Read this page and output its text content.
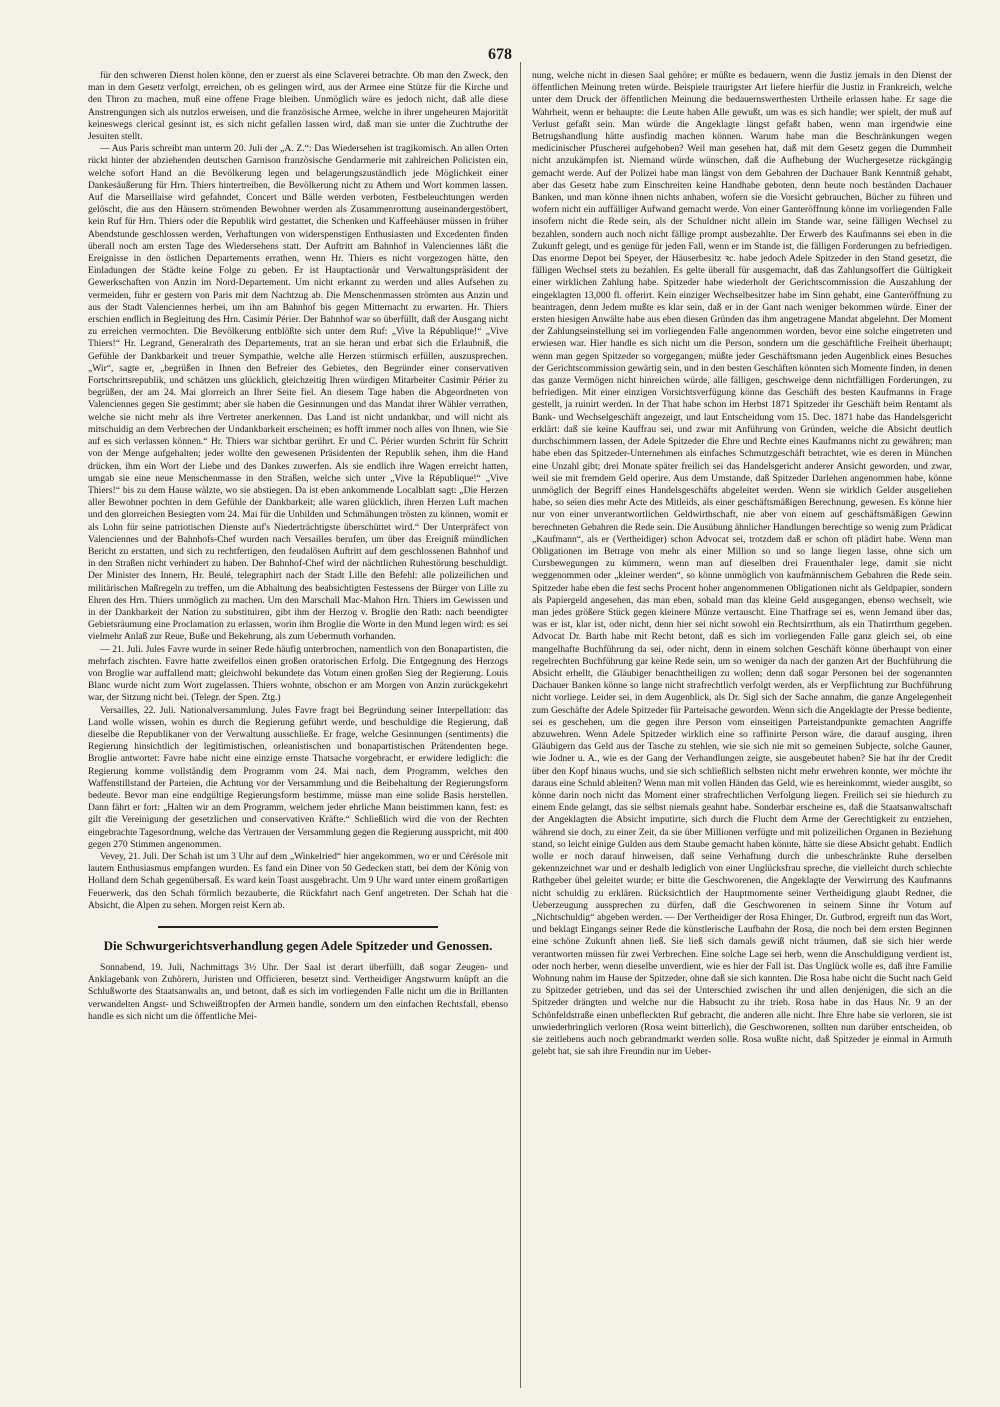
678

für den schweren Dienst holen könne, den er zuerst als eine Sclaverei betrachte. Ob man den Zweck, den man in dem Gesetz verfolgt, erreichen, ob es gelingen wird, aus der Armee eine Stütze für die Kirche und den Thron zu machen, muß eine offene Frage bleiben. Unmöglich wäre es jedoch nicht, daß alle diese Anstrengungen sich als nutzlos erweisen, und die französische Armee, welche in ihrer ungeheuren Majorität keineswegs clerical gesinnt ist, es sich nicht gefallen lassen wird, daß man sie unter die Zuchtruthe der Jesuiten stellt.

— Aus Paris schreibt man unterm 20. Juli der „A. Z.“: Das Wiedersehen ist tragikomisch. An allen Orten rückt hinter der abziehenden deutschen Garnison französische Gendarmerie mit zahlreichen Policisten ein, welche sofort Hand an die Bevölkerung legen und belagerungszuständlich jede Möglichkeit einer Dankesäußerung für Hrn. Thiers hintertreiben, die Bevölkerung nicht zu Athem und Wort kommen lassen. Auf die Marseillaise wird gefahndet, Concert und Bälle werden verboten, Festbeleuchtungen werden gelöscht, die aus den Häusern strömenden Bewohner werden als Zusammenrottung auseinandergestöbert, kein Ruf für Hrn. Thiers oder die Republik wird gestattet, die Schenken und Kaffeehäuser müssen in früher Abendstunde geschlossen werden, Verhaftungen von widerspenstigen Enthusiasten und Excedenten finden überall noch am ersten Tage des Wiedersehens statt. Der Auftritt am Bahnhof in Valenciennes läßt die Ereignisse in den östlichen Departements errathen, wenn Hr. Thiers es nicht vorgezogen hätte, den Einladungen der Städte keine Folge zu geben. Er ist Hauptactionär und Verwaltungspräsident der Gewerkschaften von Anzin im Nord-Departement. Um nicht erkannt zu werden und alles Aufsehen zu vermeiden, fuhr er gestern von Paris mit dem Nachtzug ab. Die Menschenmassen strömten aus Anzin und aus der Stadt Valenciennes herbei, um ihn am Bahnhof bis gegen Mitternacht zu erwarten. Hr. Thiers erschien endlich in Begleitung des Hrn. Casimir Périer. Der Bahnhof war so überfüllt, daß der Ausgang nicht zu erreichen vermochten. Die Bevölkerung entblößte sich unter dem Ruf: „Vive la République!“ „Vive Thiers!“ Hr. Legrand, Generalrath des Departements, trat an sie heran und erbat sich die Erlaubniß, die Gefühle der Dankbarkeit und treuer Sympathie, welche alle Herzen stürmisch erfüllen, auszusprechen. „Wir“, sagte er, „begrüßen in Ihnen den Befreier des Gebietes, den Begründer einer conservativen Fortschrittsrepublik, und schätzen uns glücklich, gleichzeitig Ihren würdigen Mitarbeiter Casimir Périer zu begrüßen, der am 24. Mai glorreich an Ihrer Seite fiel. An diesem Tage haben die Abgeordneten von Valenciennes gegen Sie gestimmt; aber sie haben die Gesinnungen und das Mandat ihrer Wähler verrathen, welche sie nicht mehr als ihre Vertreter anerkennen. Das Land ist nicht undankbar, und will nicht als mitschuldig an dem Verbrechen der Undankbarkeit erscheinen; es hofft immer noch alles von Ihnen, wie Sie auf es sich verlassen können.“ Hr. Thiers war sichtbar gerührt. Er und C. Périer wurden Schritt für Schritt von der Menge aufgehalten; jeder wollte den gewesenen Präsidenten der Republik sehen, ihm die Hand drücken, ihm ein Wort der Liebe und des Dankes zuwerfen. Als sie endlich ihre Wagen erreicht hatten, umgab sie eine neue Menschenmasse in den Straßen, welche sich unter „Vive la République!“ „Vive Thiers!“ bis zu dem Hause wälzte, wo sie abstiegen. Da ist eben ankommende Localblatt sagt: „Die Herzen aller Bewohner pochten in dem Gefühle der Dankbarkeit; alle waren glücklich, ihren Herzen Luft machen und den glorreichen Besiegten vom 24. Mai für die Unbilden und Schmähungen trösten zu können, womit er als Lohn für seine patriotischen Dienste auf's Niederträchtigste überschüttet wird.“ Der Unterpräfect von Valenciennes und der Bahnhofs-Chef wurden nach Versailles berufen, um über das Ereigniß mündlichen Bericht zu erstatten, und sich zu rechtfertigen, den feudalösen Auftritt auf dem geschlossenen Bahnhof und in den Straßen nicht verhindert zu haben. Der Bahnhof-Chef wird der nächtlichen Ruhestörung beschuldigt. Der Minister des Innern, Hr. Beulé, telegraphirt nach der Stadt Lille den Befehl: alle polizeilichen und militärischen Maßregeln zu treffen, um die Abhaltung des beabsichtigten Festessens der Bürger von Lille zu Ehren des Hrn. Thiers unmöglich zu machen. Um den Marschall Mac-Mahon Hrn. Thiers im Gewissen und in der Dankbarkeit der Nation zu substituiren, gibt ihm der Herzog v. Broglie den Rath: nach beendigter Gebietsräumung eine Proclamation zu erlassen, worin ihm Broglie die Worte in den Mund legen wird: es sei vielmehr Anlaß zur Reue, Buße und Bekehrung, als zum Uebermuth vorhanden.

— 21. Juli. Jules Favre wurde in seiner Rede häufig unterbrochen, namentlich von den Bonapartisten, die mehrfach zischten. Favre hatte zweifellos einen großen oratorischen Erfolg. Die Entgegnung des Herzogs von Broglie war auffallend matt; gleichwohl bekundete das Votum einen großen Sieg der Regierung. Louis Blanc wurde nicht zum Wort zugelassen. Thiers wohnte, obschon er am Morgen von Anzin zurückgekehrt war, der Sitzung nicht bei. (Telegr. der Spen. Ztg.)

Versailles, 22. Juli. Nationalversammlung. Jules Favre fragt bei Begründung seiner Interpellation: das Land wolle wissen, wohin es durch die Regierung geführt werde, und beschuldige die Regierung, daß dieselbe die Republikaner von der Verwaltung ausschließe. Er frage, welche Gesinnungen (sentiments) die Regierung hinsichtlich der legitimistischen, orleanistischen und bonapartistischen Prätendenten hege. Broglie antwortet: Favre habe nicht eine einzige ernste Thatsache vorgebracht, er erwidere lediglich: die Regierung komme vollständig dem Programm vom 24. Mai nach, dem Programm, welches den Waffenstillstand der Parteien, die Achtung vor der Versammlung und die Beibehaltung der Regierungsform bedeute. Bevor man eine endgültige Regierungsform bestimme, müsse man eine solide Basis herstellen. Dann fährt er fort: „Halten wir an dem Programm, welchem jeder ehrliche Mann beistimmen kann, fest: es gilt die Vereinigung der gesetzlichen und conservativen Kräfte.“ Schließlich wird die von der Rechten eingebrachte Tagesordnung, welche das Vertrauen der Versammlung gegen die Regierung ausspricht, mit 400 gegen 270 Stimmen angenommen.

Vevey, 21. Juli. Der Schah ist um 3 Uhr auf dem „Winkelried“ hier angekommen, wo er und Cérésole mit lautem Enthusiasmus empfangen wurden. Es fand ein Diner von 50 Gedecken statt, bei dem der König von Holland dem Schah gegenübersaß. Es ward kein Toast ausgebracht. Um 9 Uhr ward unter einem großartigen Feuerwerk, das den Schah förmlich bezauberte, die Rückfahrt nach Genf angetreten. Der Schah hat die Absicht, die Alpen zu sehen. Morgen reist Kern ab.

Die Schwurgerichtsverhandlung gegen Adele Spitzeder und Genossen.

Sonnabend, 19. Juli, Nachmittags 3½ Uhr. Der Saal ist derart überfüllt, daß sogar Zeugen- und Anklagebank von Zuhörern, Juristen und Officieren, besetzt sind. Vertheidiger Angstwurm knüpft an die Schlußworte des Staatsanwalts an, und betont, daß es sich im vorliegenden Falle nicht um die in Brillanten verwandelten Angst- und Schweißtropfen der Armen handle, sondern um den einfachen Rechtsfall, ebenso handle es sich nicht um die öffentliche Mei-

nung, welche nicht in diesen Saal gehöre; er müßte es bedauern, wenn die Justiz jemals in den Dienst der öffentlichen Meinung treten würde. Beispiele traurigster Art liefere hierfür die Justiz in Frankreich, welche unter dem Druck der öffentlichen Meinung die bedauernswerthesten Urtheile erlassen habe. Er sage die Wahrheit, wenn er behaupte: die Leute haben Alle gewußt, um was es sich handle; wer spielt, der muß auf Verlust gefaßt sein. Man würde die Angeklagte längst gefaßt haben, wenn man irgendwie eine Betrugshandlung hätte ausfindig machen können. Warum habe man die Beschränkungen wegen medicinischer Pfuscherei aufgehoben? Weil man gesehen hat, daß mit dem Gesetz gegen die Dummheit nicht anzukämpfen ist. Niemand würde wünschen, daß die Aufhebung der Wuchergesetze rückgängig gemacht werde. Auf der Polizei habe man längst von dem Gebahren der Dachauer Bank Kenntniß gehabt, aber das Gesetz habe zum Einschreiten keine Handhabe geboten, denn heute noch beständen Dachauer Banken, und man könne ihnen nichts anhaben, wofern sie die Vorsicht gebrauchen, Bücher zu führen und wofern nicht ein auffälliger Aufwand gemacht werde. Von einer Ganteröffnung könne im vorliegenden Falle insofern nicht die Rede sein, als der Schuldner nicht allein im Stande war, seine fälligen Wechsel zu bezahlen, sondern auch noch nicht fällige prompt ausbezahlte. Der Erwerb des Kaufmanns sei eben in die Zukunft gelegt, und es genüge für jeden Fall, wenn er im Stande ist, die fälligen Forderungen zu befriedigen. Das enorme Depot bei Speyer, der Häuserbesitz ꝛc. habe jedoch Adele Spitzeder in den Stand gesetzt, die fälligen Wechsel stets zu bezahlen. Es gelte überall für ausgemacht, daß das Zahlungsoffert die Gültigkeit einer wirklichen Zahlung habe. Spitzeder habe wiederholt der Gerichtscommission die Auszahlung der eingeklagten 13,000 fl. offerirt. Kein einziger Wechselbesitzer habe im Sinn gehabt, eine Ganteröffnung zu beantragen, denn Jedem mußte es klar sein, daß er in der Gant nach weniger bekommen würde. Einer der ersten hiesigen Anwälte habe aus eben diesen Gründen das ihm angetragene Mandat abgelehnt. Der Moment der Zahlungseinstellung sei im vorliegenden Falle angenommen worden, bevor eine solche eingetreten und erwiesen war. Hier handle es sich nicht um die Person, sondern um die geschäftliche Freiheit überhaupt; wenn man gegen Spitzeder so vorgegangen, müßte jeder Geschäftsmann jeden Augenblick eines Besuches der Gerichtscommission gewärtig sein, und in den besten Geschäften könnten sich Momente finden, in denen das ganze Vermögen nicht hinreichen würde, alle fälligen, geschweige denn nichtfälligen Forderungen, zu befriedigen. Mit einer einzigen Vorsichtsverfügung könne das Geschäft des besten Kaufmanns in Frage gestellt, ja ruinirt werden. In der That habe schon im Herbst 1871 Spitzeder ihr Geschäft beim Rentamt als Bank- und Wechselgeschäft angezeigt, und laut Entscheidung vom 15. Dec. 1871 habe das Handelsgericht erklärt: daß sie keine Kauffrau sei, und zwar mit Anführung von Gründen, welche die Absicht deutlich durchschimmern lassen, der Adele Spitzeder die Ehre und Rechte eines Kaufmanns nicht zu gewähren; man habe eben das Spitzeder-Unternehmen als einfaches Schmutzgeschäft betrachtet, wie es deren in München eine Unzahl gibt; drei Monate später freilich sei das Handelsgericht anderer Ansicht geworden, und zwar, weil sie mit fremdem Geld operire. Aus dem Umstande, daß Spitzeder Darlehen angenommen habe, könne unmöglich der Begriff eines Handelsgeschäfts abgeleitet werden. Wenn sie wirklich Gelder ausgeliehen habe, so seien dies mehr Acte des Mitleids, als einer geschäftsmäßigen Berechnung, gewesen. Es könne hier nur von einer unverantwortlichen Geldwirthschaft, nie aber von einem auf geschäftsmäßigen Gewinn berechneten Gebahren die Rede sein. Die Ausübung ähnlicher Handlungen berechtige so wenig zum Prädicat „Kaufmann“, als er (Vertheidiger) schon Advocat sei, trotzdem daß er schon oft plädirt habe. Wenn man Obligationen im Betrage von mehr als einer Million so und so lange liegen lasse, ohne sich um Cursbewegungen zu kümmern, wenn man auf dieselben drei Frauenthaler lege, damit sie nicht weggenommen oder „kleiner werden“, so könne unmöglich von kaufmännischem Gebahren die Rede sein. Spitzeder habe eben die fest sechs Procent hoher angenommenen Obligationen nicht als Geldpapier, sondern als Papiergeld angesehen, das man eben, sobald man das kleine Geld ausgegangen, ebenso wechselt, wie man jedes größere Stück gegen kleinere Münze vertauscht. Eine Thatfrage sei es, wenn Jemand über das, was er ist, klar ist, oder nicht, denn hier sei nicht sowohl ein Rechtsirrthum, als ein Thatirrthum gegeben. Advocat Dr. Barth habe mit Recht betont, daß es sich im vorliegenden Falle ganz gleich sei, ob eine mangelhafte Buchführung da sei, oder nicht, denn in einem solchen Geschäft könne überhaupt von einer regelrechten Buchführung gar keine Rede sein, um so weniger da nach der ganzen Art der Buchführung die Absicht erhellt, die Gläubiger benachtheiligen zu wollen; denn daß sogar Personen bei der sogenannten Dachauer Banken könne so lange nicht strafrechtlich verfolgt werden, als er Verpflichtung zur Buchführung nicht vorliege. Leider sei, in dem Augenblick, als Dr. Sigl sich der Sache annahm, die ganze Angelegenheit zum Geschäfte der Adele Spitzeder für Parteisache geworden. Wenn sich die Angeklagte der Presse bediente, sei es geschehen, um die gegen ihre Person vom einseitigen Parteistandpunkte gemachten Angriffe abzuwehren. Wenn Adele Spitzeder wirklich eine so raffinirte Person wäre, die darauf ausging, ihren Gläubigern das Geld aus der Tasche zu stehlen, wie sie sich nie mit so gemeinen Subjecte, solche Gauner, wie Jodner u. A., wie es der Gang der Verhandlungen zeigte, sie ausgebeutet haben? Sie hat ihr der Credit über den Kopf hinaus wuchs, und sie sich schließlich selbsten nicht mehr erwehren konnte, wer möchte ihr daraus eine Schuld ableiten? Wenn man mit vollen Händen das Geld, wie es hereinkommt, wieder ausgibt, so könne darin noch nicht das Moment einer strafrechtlichen Verfolgung liegen. Freilich sei sie hiedurch zu einem Ende gelangt, das sie selbst niemals geahnt habe. Sonderbar erscheine es, daß die Staatsanwaltschaft der Angeklagten die Absicht imputirte, sich durch die Flucht dem Arme der Gerechtigkeit zu entziehen, während sie doch, zu einer Zeit, da sie über Millionen verfügte und mit polizeilichen Organen in Beziehung stand, so leicht einige Gulden aus dem Staube gemacht haben könnte, hätte sie diese Absicht gehabt. Endlich wolle er noch darauf hinweisen, daß seine Verhaftung durch die unbeschränkte Ruhe derselben gekennzeichnet war und er deshalb lediglich von einer Unglücksfrau spreche, die vielleicht durch schlechte Rathgeber übel geleitet wurde; er bitte die Geschworenen, die Angeklagte der Verwirrung des Kaufmanns nicht schuldig zu erklären. Rücksichtlich der Hauptmomente seiner Vertheidigung glaubt Redner, die Ueberzeugung aussprechen zu dürfen, daß die Geschworenen in seinem Sinne ihr Votum auf „Nichtschuldig“ abgeben werden. — Der Vertheidiger der Rosa Ehinger, Dr. Gutbrod, ergreift nun das Wort, und beklagt Eingangs seiner Rede die künstlerische Laufbahn der Rosa, die noch bei dem ersten Beginnen eine schöne Zukunft ahnen ließ. Sie ließ sich damals gewiß nicht träumen, daß sie sich hier werde verantworten müssen für zwei Verbrechen. Eine solche Lage sei herb, wenn die Anschuldigung verdient ist, oder noch herber, wenn dieselbe unverdient, wie es hier der Fall ist. Das Unglück wolle es, daß ihre Familie Wohnung nahm im Hause der Spitzeder, ohne daß sie sich kannten. Die Rosa habe nicht die Sucht nach Geld zu Spitzeder getrieben, und das sei der Unterschied zwischen ihr und allen denjenigen, die sich an die Spitzeder drängten und welche nur die Habsucht zu ihr trieb. Rosa habe in das Haus Nr. 9 an der Schönfeldstraße einen unbefleckten Ruf gebracht, die anderen alle nicht. Ihre Ehre habe sie verloren, sie ist unwiederbringlich verloren (Rosa weint bitterlich), die Geschworenen, sollten nun darüber entscheiden, ob sie zeitlebens auch noch gebrandmarkt werden solle. Rosa wußte nicht, daß Spitzeder je einmal in Armuth gelebt hat, sie sah ihre Freundin nur im Ueber-
